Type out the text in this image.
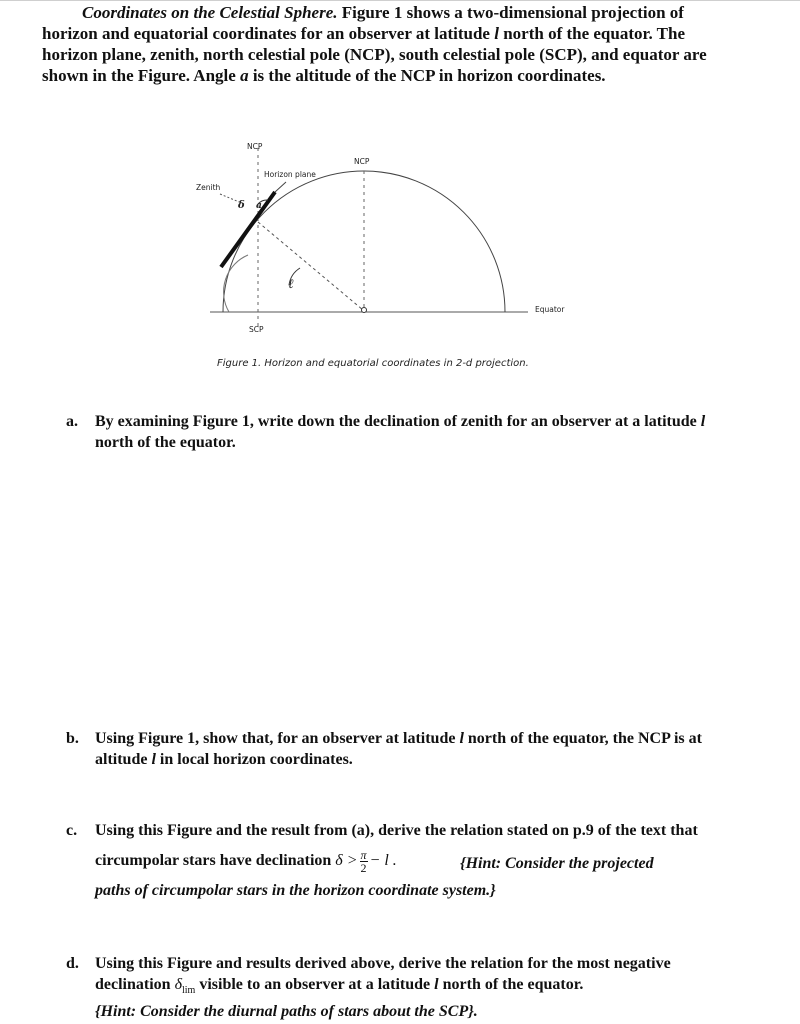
Coordinates on the Celestial Sphere. Figure 1 shows a two-dimensional projection of horizon and equatorial coordinates for an observer at latitude l north of the equator. The horizon plane, zenith, north celestial pole (NCP), south celestial pole (SCP), and equator are shown in the Figure. Angle a is the altitude of the NCP in horizon coordinates.
NCP
NCP
Horizon plane
Zenith
δ a
ℓ
Equator
SCP
Figure 1. Horizon and equatorial coordinates in 2-d projection.
a. By examining Figure 1, write down the declination of zenith for an observer at a latitude l north of the equator.
b. Using Figure 1, show that, for an observer at latitude l north of the equator, the NCP is at altitude l in local horizon coordinates.
c. Using this Figure and the result from (a), derive the relation stated on p.9 of the text that
circumpolar stars have declination $\delta > \frac{\pi}{2} - l$ .	{Hint: Consider the projected

paths of circumpolar stars in the horizon coordinate system.}
d. Using this Figure and results derived above, derive the relation for the most negative
declination $\delta_{lim}$ visible to an observer at a latitude l north of the equator.
{Hint: Consider the diurnal paths of stars about the SCP}.
